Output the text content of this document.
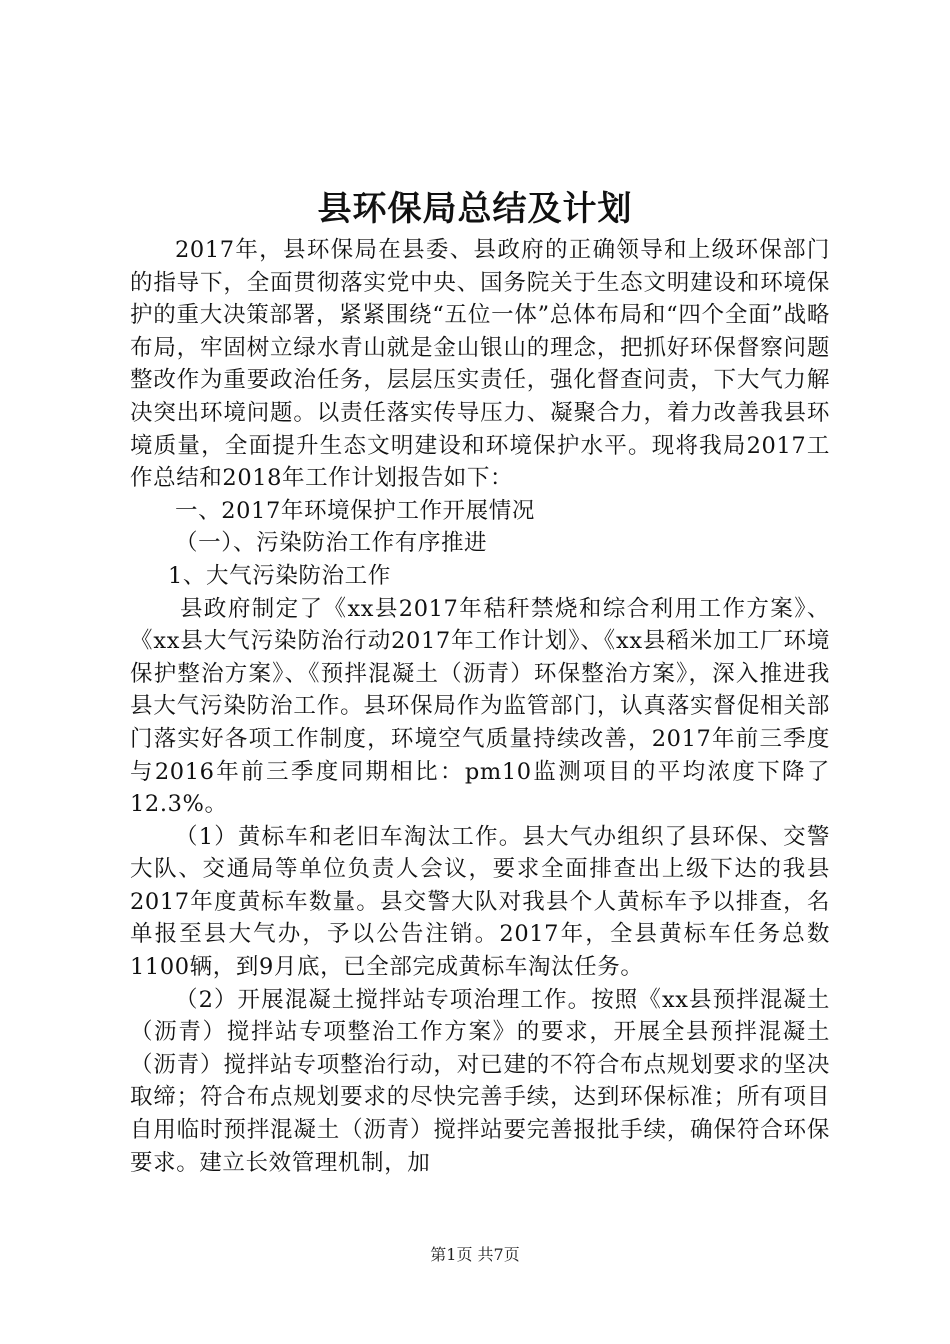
县环保局总结及计划

2017年，县环保局在县委、县政府的正确领导和上级环保部门的指导下，全面贯彻落实党中央、国务院关于生态文明建设和环境保护的重大决策部署，紧紧围绕“五位一体”总体布局和“四个全面”战略布局，牢固树立绿水青山就是金山银山的理念，把抓好环保督察问题整改作为重要政治任务，层层压实责任，强化督查问责，下大气力解决突出环境问题。以责任落实传导压力、凝聚合力，着力改善我县环境质量，全面提升生态文明建设和环境保护水平。现将我局2017工作总结和2018年工作计划报告如下：

一、2017年环境保护工作开展情况

（一）、污染防治工作有序推进

1、大气污染防治工作

县政府制定了《xx县2017年秸秆禁烧和综合利用工作方案》、《xx县大气污染防治行动2017年工作计划》、《xx县稻米加工厂环境保护整治方案》、《预拌混凝土（沥青）环保整治方案》，深入推进我县大气污染防治工作。县环保局作为监管部门，认真落实督促相关部门落实好各项工作制度，环境空气质量持续改善，2017年前三季度与2016年前三季度同期相比：pm10监测项目的平均浓度下降了12.3%。

（1）黄标车和老旧车淘汰工作。县大气办组织了县环保、交警大队、交通局等单位负责人会议，要求全面排查出上级下达的我县2017年度黄标车数量。县交警大队对我县个人黄标车予以排查，名单报至县大气办，予以公告注销。2017年，全县黄标车任务总数1100辆，到9月底，已全部完成黄标车淘汰任务。

（2）开展混凝土搅拌站专项治理工作。按照《xx县预拌混凝土（沥青）搅拌站专项整治工作方案》的要求，开展全县预拌混凝土（沥青）搅拌站专项整治行动，对已建的不符合布点规划要求的坚决取缔；符合布点规划要求的尽快完善手续，达到环保标准；所有项目自用临时预拌混凝土（沥青）搅拌站要完善报批手续，确保符合环保要求。建立长效管理机制，加

第1页 共7页
